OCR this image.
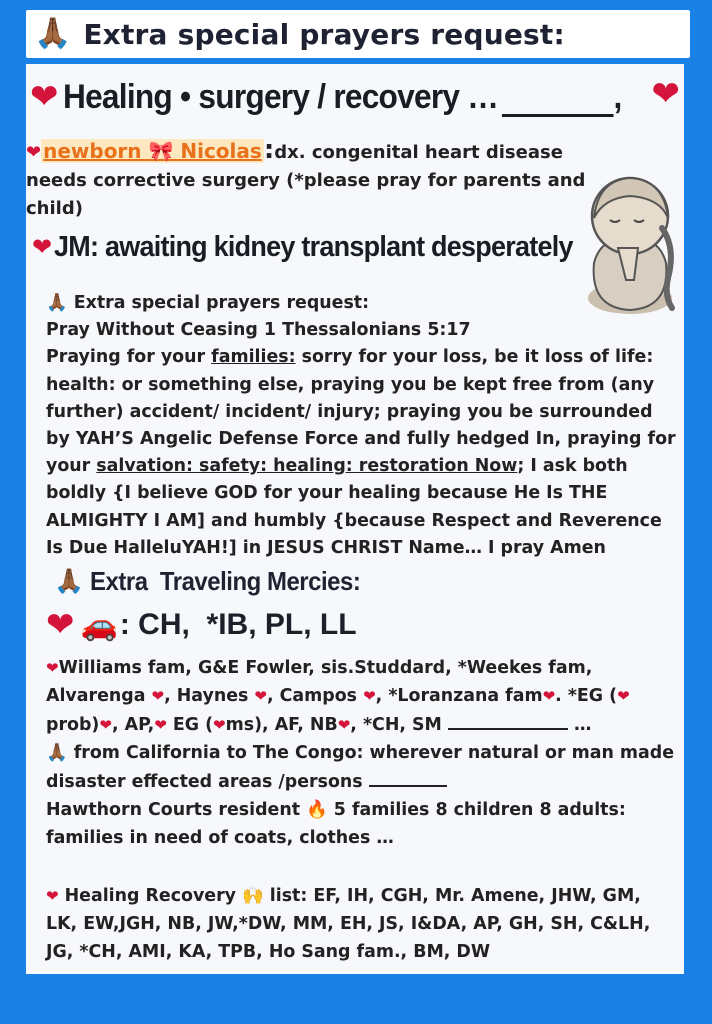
🙏🏾 Extra special prayers request:
❤ Healing • surgery / recovery …	, ❤
❤ newborn 🎀 Nicolas:dx. congenital heart disease needs corrective surgery (*please pray for parents and child)
❤ JM: awaiting kidney transplant desperately

🙏🏾 Extra special prayers request:

Pray Without Ceasing 1 Thessalonians 5:17

Praying for your families: sorry for your loss, be it loss of life: health: or something else, praying you be kept free from (any further) accident/ incident/ injury; praying you be surrounded by YAH’S Angelic Defense Force and fully hedged In, praying for your salvation: safety: healing: restoration Now; I ask both boldly {I believe GOD for your healing because He Is THE ALMIGHTY I AM] and humbly {because Respect and Reverence Is Due HalleluYAH!] in JESUS CHRIST Name… I pray Amen

🙏🏾 Extra  Traveling Mercies:
❤ 🚗 : CH,  *IB, PL, LL

❤Williams fam, G&E Fowler, sis.Studdard, *Weekes fam, Alvarenga ❤, Haynes ❤, Campos ❤, *Loranzana fam❤. *EG (❤prob)❤, AP,❤ EG (❤ms), AF, NB❤, *CH, SM	…

🙏🏾 from California to The Congo: wherever natural or man made disaster effected areas /persons

Hawthorn Courts resident 🔥 5 families 8 children 8 adults: families in need of coats, clothes …

❤ Healing Recovery 🙌 list: EF, IH, CGH, Mr. Amene, JHW, GM, LK, EW,JGH, NB, JW,*DW, MM, EH, JS, I&DA, AP, GH, SH, C&LH, JG, *CH, AMI, KA, TPB, Ho Sang fam., BM, DW
